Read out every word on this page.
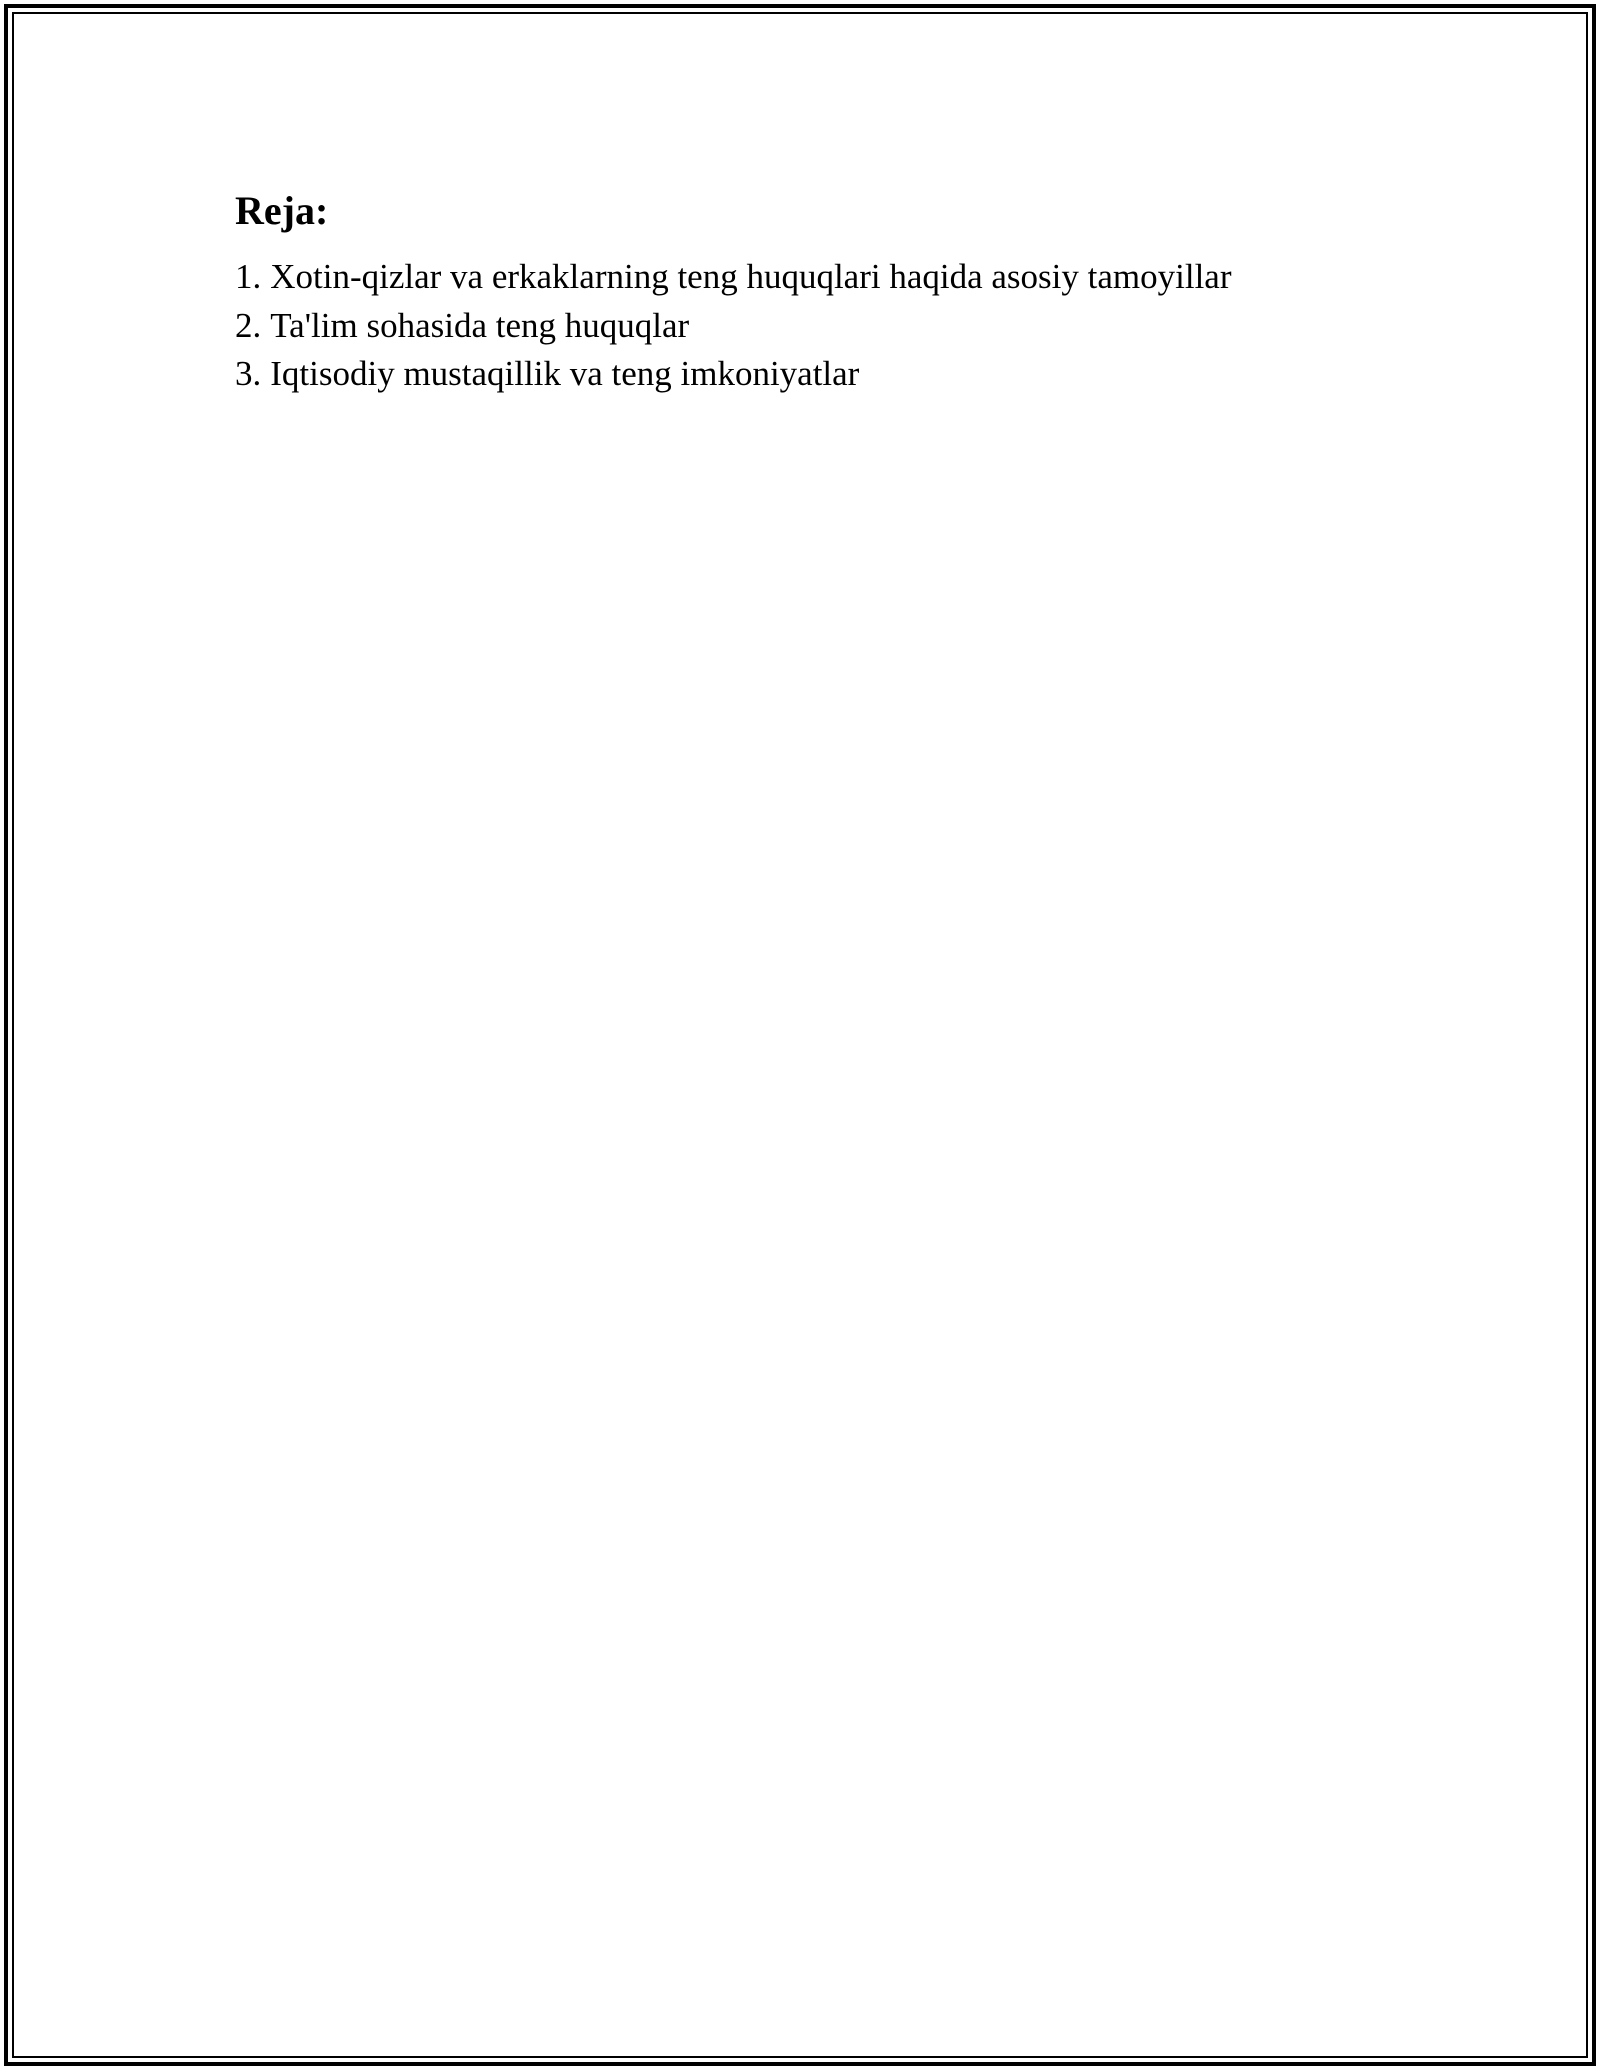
Reja:
1. Xotin-qizlar va erkaklarning teng huquqlari haqida asosiy tamoyillar
2. Ta'lim sohasida teng huquqlar
3. Iqtisodiy mustaqillik va teng imkoniyatlar
